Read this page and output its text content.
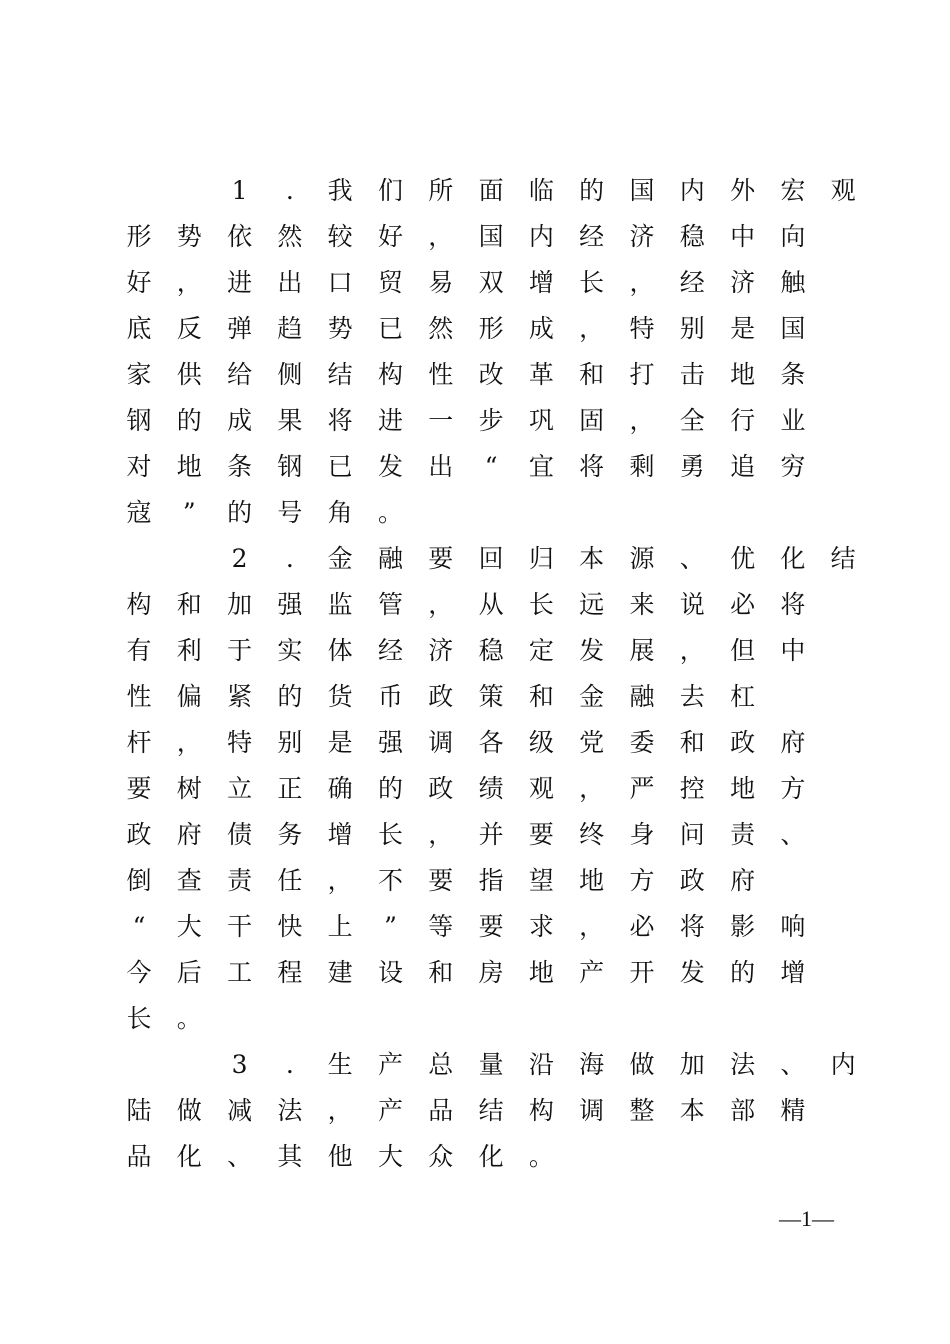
1	.	我	们	所	面	临	的	国	内	外	宏	观
形	势	依	然	较	好	，	国	内	经	济	稳	中	向
好	，	进	出	口	贸	易	双	增	长	，	经	济	触
底	反	弹	趋	势	已	然	形	成	，	特	别	是	国
家	供	给	侧	结	构	性	改	革	和	打	击	地	条
钢	的	成	果	将	进	一	步	巩	固	，	全	行	业
对	地	条	钢	已	发	出	“	宜	将	剩	勇	追	穷
寇	”	的	号	角	。
2	.	金	融	要	回	归	本	源	、	优	化	结
构	和	加	强	监	管	，	从	长	远	来	说	必	将
有	利	于	实	体	经	济	稳	定	发	展	，	但	中
性	偏	紧	的	货	币	政	策	和	金	融	去	杠
杆	，	特	别	是	强	调	各	级	党	委	和	政	府
要	树	立	正	确	的	政	绩	观	，	严	控	地	方
政	府	债	务	增	长	，	并	要	终	身	问	责	、
倒	查	责	任	，	不	要	指	望	地	方	政	府
“	大	干	快	上	”	等	要	求	，	必	将	影	响
今	后	工	程	建	设	和	房	地	产	开	发	的	增
长	。
3	.	生	产	总	量	沿	海	做	加	法	、	内
陆	做	减	法	，	产	品	结	构	调	整	本	部	精
品	化	、	其	他	大	众	化	。
—1—
